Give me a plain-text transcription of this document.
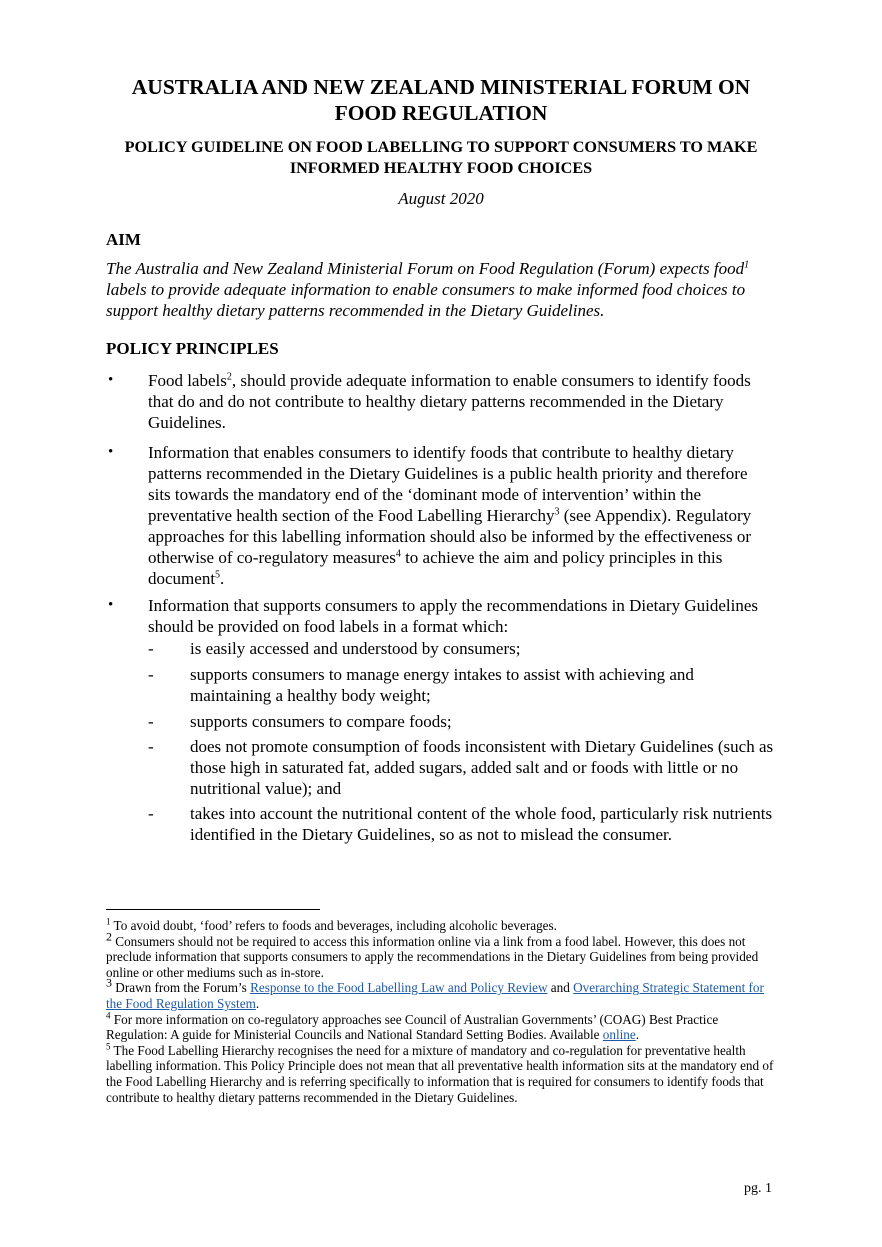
AUSTRALIA AND NEW ZEALAND MINISTERIAL FORUM ON FOOD REGULATION
POLICY GUIDELINE ON FOOD LABELLING TO SUPPORT CONSUMERS TO MAKE INFORMED HEALTHY FOOD CHOICES

August 2020

AIM

The Australia and New Zealand Ministerial Forum on Food Regulation (Forum) expects food$^1$ labels to provide adequate information to enable consumers to make informed food choices to support healthy dietary patterns recommended in the Dietary Guidelines.

POLICY PRINCIPLES
• Food labels$^2$, should provide adequate information to enable consumers to identify foods that do and do not contribute to healthy dietary patterns recommended in the Dietary Guidelines.

• Information that enables consumers to identify foods that contribute to healthy dietary patterns recommended in the Dietary Guidelines is a public health priority and therefore sits towards the mandatory end of the ‘dominant mode of intervention’ within the preventative health section of the Food Labelling Hierarchy$^3$ (see Appendix). Regulatory approaches for this labelling information should also be informed by the effectiveness or otherwise of co-regulatory measures$^4$ to achieve the aim and policy principles in this document$^5$.

• Information that supports consumers to apply the recommendations in Dietary Guidelines should be provided on food labels in a format which:

- is easily accessed and understood by consumers;

- supports consumers to manage energy intakes to assist with achieving and maintaining a healthy body weight;

- supports consumers to compare foods;

- does not promote consumption of foods inconsistent with Dietary Guidelines (such as those high in saturated fat, added sugars, added salt and or foods with little or no nutritional value); and

- takes into account the nutritional content of the whole food, particularly risk nutrients identified in the Dietary Guidelines, so as not to mislead the consumer.

$^1$ To avoid doubt, ‘food’ refers to foods and beverages, including alcoholic beverages.

2 Consumers should not be required to access this information online via a link from a food label. However, this does not preclude information that supports consumers to apply the recommendations in the Dietary Guidelines from being provided online or other mediums such as in-store.

3 Drawn from the Forum’s Response to the Food Labelling Law and Policy Review and Overarching Strategic Statement for the Food Regulation System.

$^4$ For more information on co-regulatory approaches see Council of Australian Governments’ (COAG) Best Practice Regulation: A guide for Ministerial Councils and National Standard Setting Bodies. Available online.

$^5$ The Food Labelling Hierarchy recognises the need for a mixture of mandatory and co-regulation for preventative health labelling information. This Policy Principle does not mean that all preventative health information sits at the mandatory end of the Food Labelling Hierarchy and is referring specifically to information that is required for consumers to identify foods that contribute to healthy dietary patterns recommended in the Dietary Guidelines.

pg. 1
